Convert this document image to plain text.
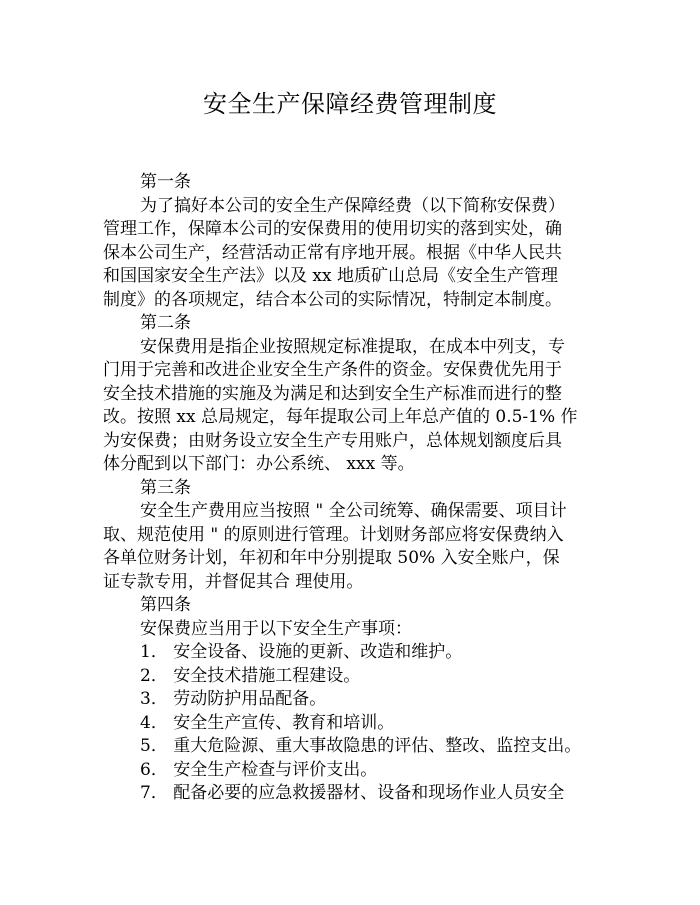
安全生产保障经费管理制度
第一条
为了搞好本公司的安全生产保障经费（以下简称安保费）
管理工作，保障本公司的安保费用的使用切实的落到实处，确
保本公司生产，经营活动正常有序地开展。根据《中华人民共
和国国家安全生产法》以及 xx 地质矿山总局《安全生产管理
制度》的各项规定，结合本公司的实际情况，特制定本制度。
第二条
安保费用是指企业按照规定标准提取，在成本中列支，专
门用于完善和改进企业安全生产条件的资金。安保费优先用于
安全技术措施的实施及为满足和达到安全生产标准而进行的整
改。按照 xx 总局规定，每年提取公司上年总产值的 0.5-1% 作
为安保费；由财务设立安全生产专用账户，总体规划额度后具
体分配到以下部门：办公系统、 xxx 等。
第三条
安全生产费用应当按照 " 全公司统筹、确保需要、项目计
取、规范使用 " 的原则进行管理。计划财务部应将安保费纳入
各单位财务计划，年初和年中分别提取 50% 入安全账户，保
证专款专用，并督促其合 理使用。
第四条
安保费应当用于以下安全生产事项：
1． 安全设备、设施的更新、改造和维护。
2． 安全技术措施工程建设。
3． 劳动防护用品配备。
4． 安全生产宣传、教育和培训。
5． 重大危险源、重大事故隐患的评估、整改、监控支出。
6． 安全生产检查与评价支出。
7． 配备必要的应急救援器材、设备和现场作业人员安全
